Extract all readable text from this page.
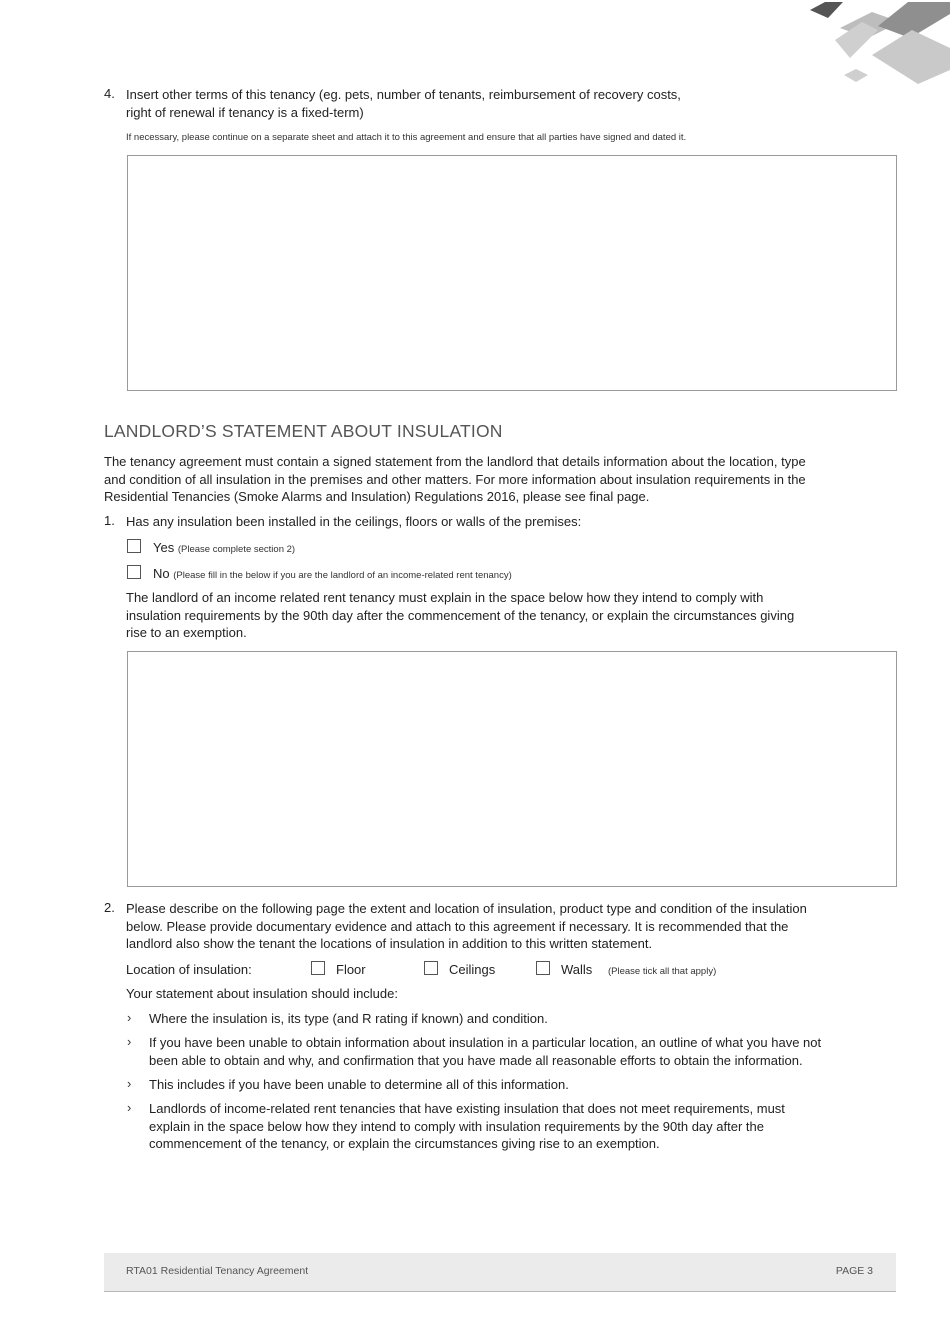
4. Insert other terms of this tenancy (eg. pets, number of tenants, reimbursement of recovery costs,
right of renewal if tenancy is a fixed-term)
If necessary, please continue on a separate sheet and attach it to this agreement and ensure that all parties have signed and dated it.
LANDLORD’S STATEMENT ABOUT INSULATION
The tenancy agreement must contain a signed statement from the landlord that details information about the location, type
and condition of all insulation in the premises and other matters. For more information about insulation requirements in the
Residential Tenancies (Smoke Alarms and Insulation) Regulations 2016, please see final page.
1. Has any insulation been installed in the ceilings, floors or walls of the premises:
Yes (Please complete section 2)
No (Please fill in the below if you are the landlord of an income-related rent tenancy)
The landlord of an income related rent tenancy must explain in the space below how they intend to comply with
insulation requirements by the 90th day after the commencement of the tenancy, or explain the circumstances giving
rise to an exemption.
2. Please describe on the following page the extent and location of insulation, product type and condition of the insulation
below. Please provide documentary evidence and attach to this agreement if necessary. It is recommended that the
landlord also show the tenant the locations of insulation in addition to this written statement.
Location of insulation:	Floor	Ceilings	Walls (Please tick all that apply)
Your statement about insulation should include:
› Where the insulation is, its type (and R rating if known) and condition.
› If you have been unable to obtain information about insulation in a particular location, an outline of what you have not
been able to obtain and why, and confirmation that you have made all reasonable efforts to obtain the information.
› This includes if you have been unable to determine all of this information.
› Landlords of income-related rent tenancies that have existing insulation that does not meet requirements, must
explain in the space below how they intend to comply with insulation requirements by the 90th day after the
commencement of the tenancy, or explain the circumstances giving rise to an exemption.
RTA01 Residential Tenancy Agreement	PAGE 3
